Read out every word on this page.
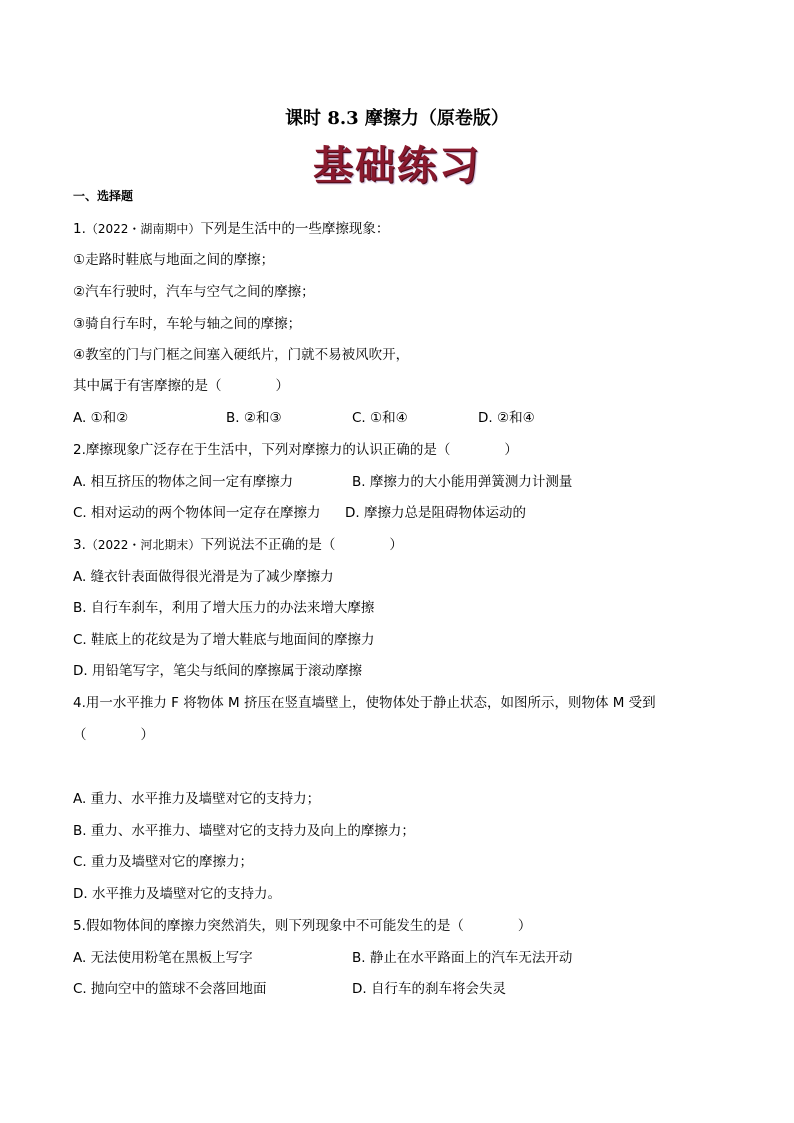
课时 8.3 摩擦力（原卷版）
基础练习
一、选择题
1.（2022・湖南期中）下列是生活中的一些摩擦现象：
①走路时鞋底与地面之间的摩擦；
②汽车行驶时，汽车与空气之间的摩擦；
③骑自行车时，车轮与轴之间的摩擦；
④教室的门与门框之间塞入硬纸片，门就不易被风吹开，
其中属于有害摩擦的是（　　　　）
A. ①和②	B. ②和③	C. ①和④	D. ②和④
2.摩擦现象广泛存在于生活中，下列对摩擦力的认识正确的是（　　　　）
A. 相互挤压的物体之间一定有摩擦力	B. 摩擦力的大小能用弹簧测力计测量
C. 相对运动的两个物体间一定存在摩擦力 D. 摩擦力总是阻碍物体运动的
3.（2022・河北期末）下列说法不正确的是（　　　　）
A. 缝衣针表面做得很光滑是为了减少摩擦力
B. 自行车刹车，利用了增大压力的办法来增大摩擦
C. 鞋底上的花纹是为了增大鞋底与地面间的摩擦力
D. 用铅笔写字，笔尖与纸间的摩擦属于滚动摩擦
4.用一水平推力 F 将物体 M 挤压在竖直墙壁上，使物体处于静止状态，如图所示，则物体 M 受到
（　　　　）
A. 重力、水平推力及墙壁对它的支持力；
B. 重力、水平推力、墙壁对它的支持力及向上的摩擦力；
C. 重力及墙壁对它的摩擦力；
D. 水平推力及墙壁对它的支持力。
5.假如物体间的摩擦力突然消失，则下列现象中不可能发生的是（　　　　）
A. 无法使用粉笔在黑板上写字	B. 静止在水平路面上的汽车无法开动
C. 抛向空中的篮球不会落回地面	D. 自行车的刹车将会失灵
